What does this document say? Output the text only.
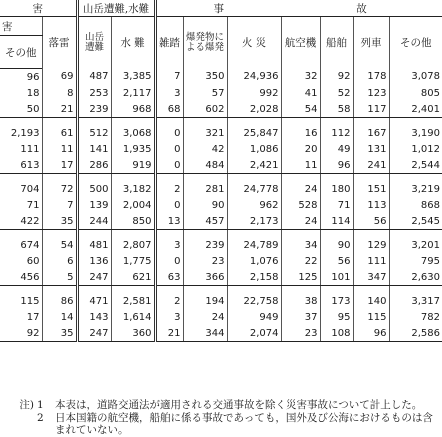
害		山岳遭難,水難		事			故			
害	落雷	山岳遭難	水 難	雑踏	爆発物による爆発	火 災	航空機	船舶	列車	その他
その他										
96	69	487	3,385	7	350	24,936	32	92	178	3,078
18	8	253	2,117	3	57	992	41	52	123	805
50	21	239	968	68	602	2,028	54	58	117	2,401

2,193	61	512	3,068	0	321	25,847	16	112	167	3,190
111	11	141	1,935	0	42	1,086	20	49	131	1,012
613	17	286	919	0	484	2,421	11	96	241	2,544

704	72	500	3,182	2	281	24,778	24	180	151	3,219
71	7	139	2,004	0	90	962	528	71	113	868
422	35	244	850	13	457	2,173	24	114	56	2,545

674	54	481	2,807	3	239	24,789	34	90	129	3,201
60	6	136	1,775	0	23	1,076	22	56	111	795
456	5	247	621	63	366	2,158	125	101	347	2,630

115	86	471	2,581	2	194	22,758	38	173	140	3,317
17	14	143	1,614	3	24	949	37	95	115	782
92	35	247	360	21	344	2,074	23	108	96	2,586
注) 1	本表は，道路交通法が適用される交通事故を除く災害事故について計上した。
2	日本国籍の航空機，船舶に係る事故であっても，国外及び公海におけるものは含まれていない。
